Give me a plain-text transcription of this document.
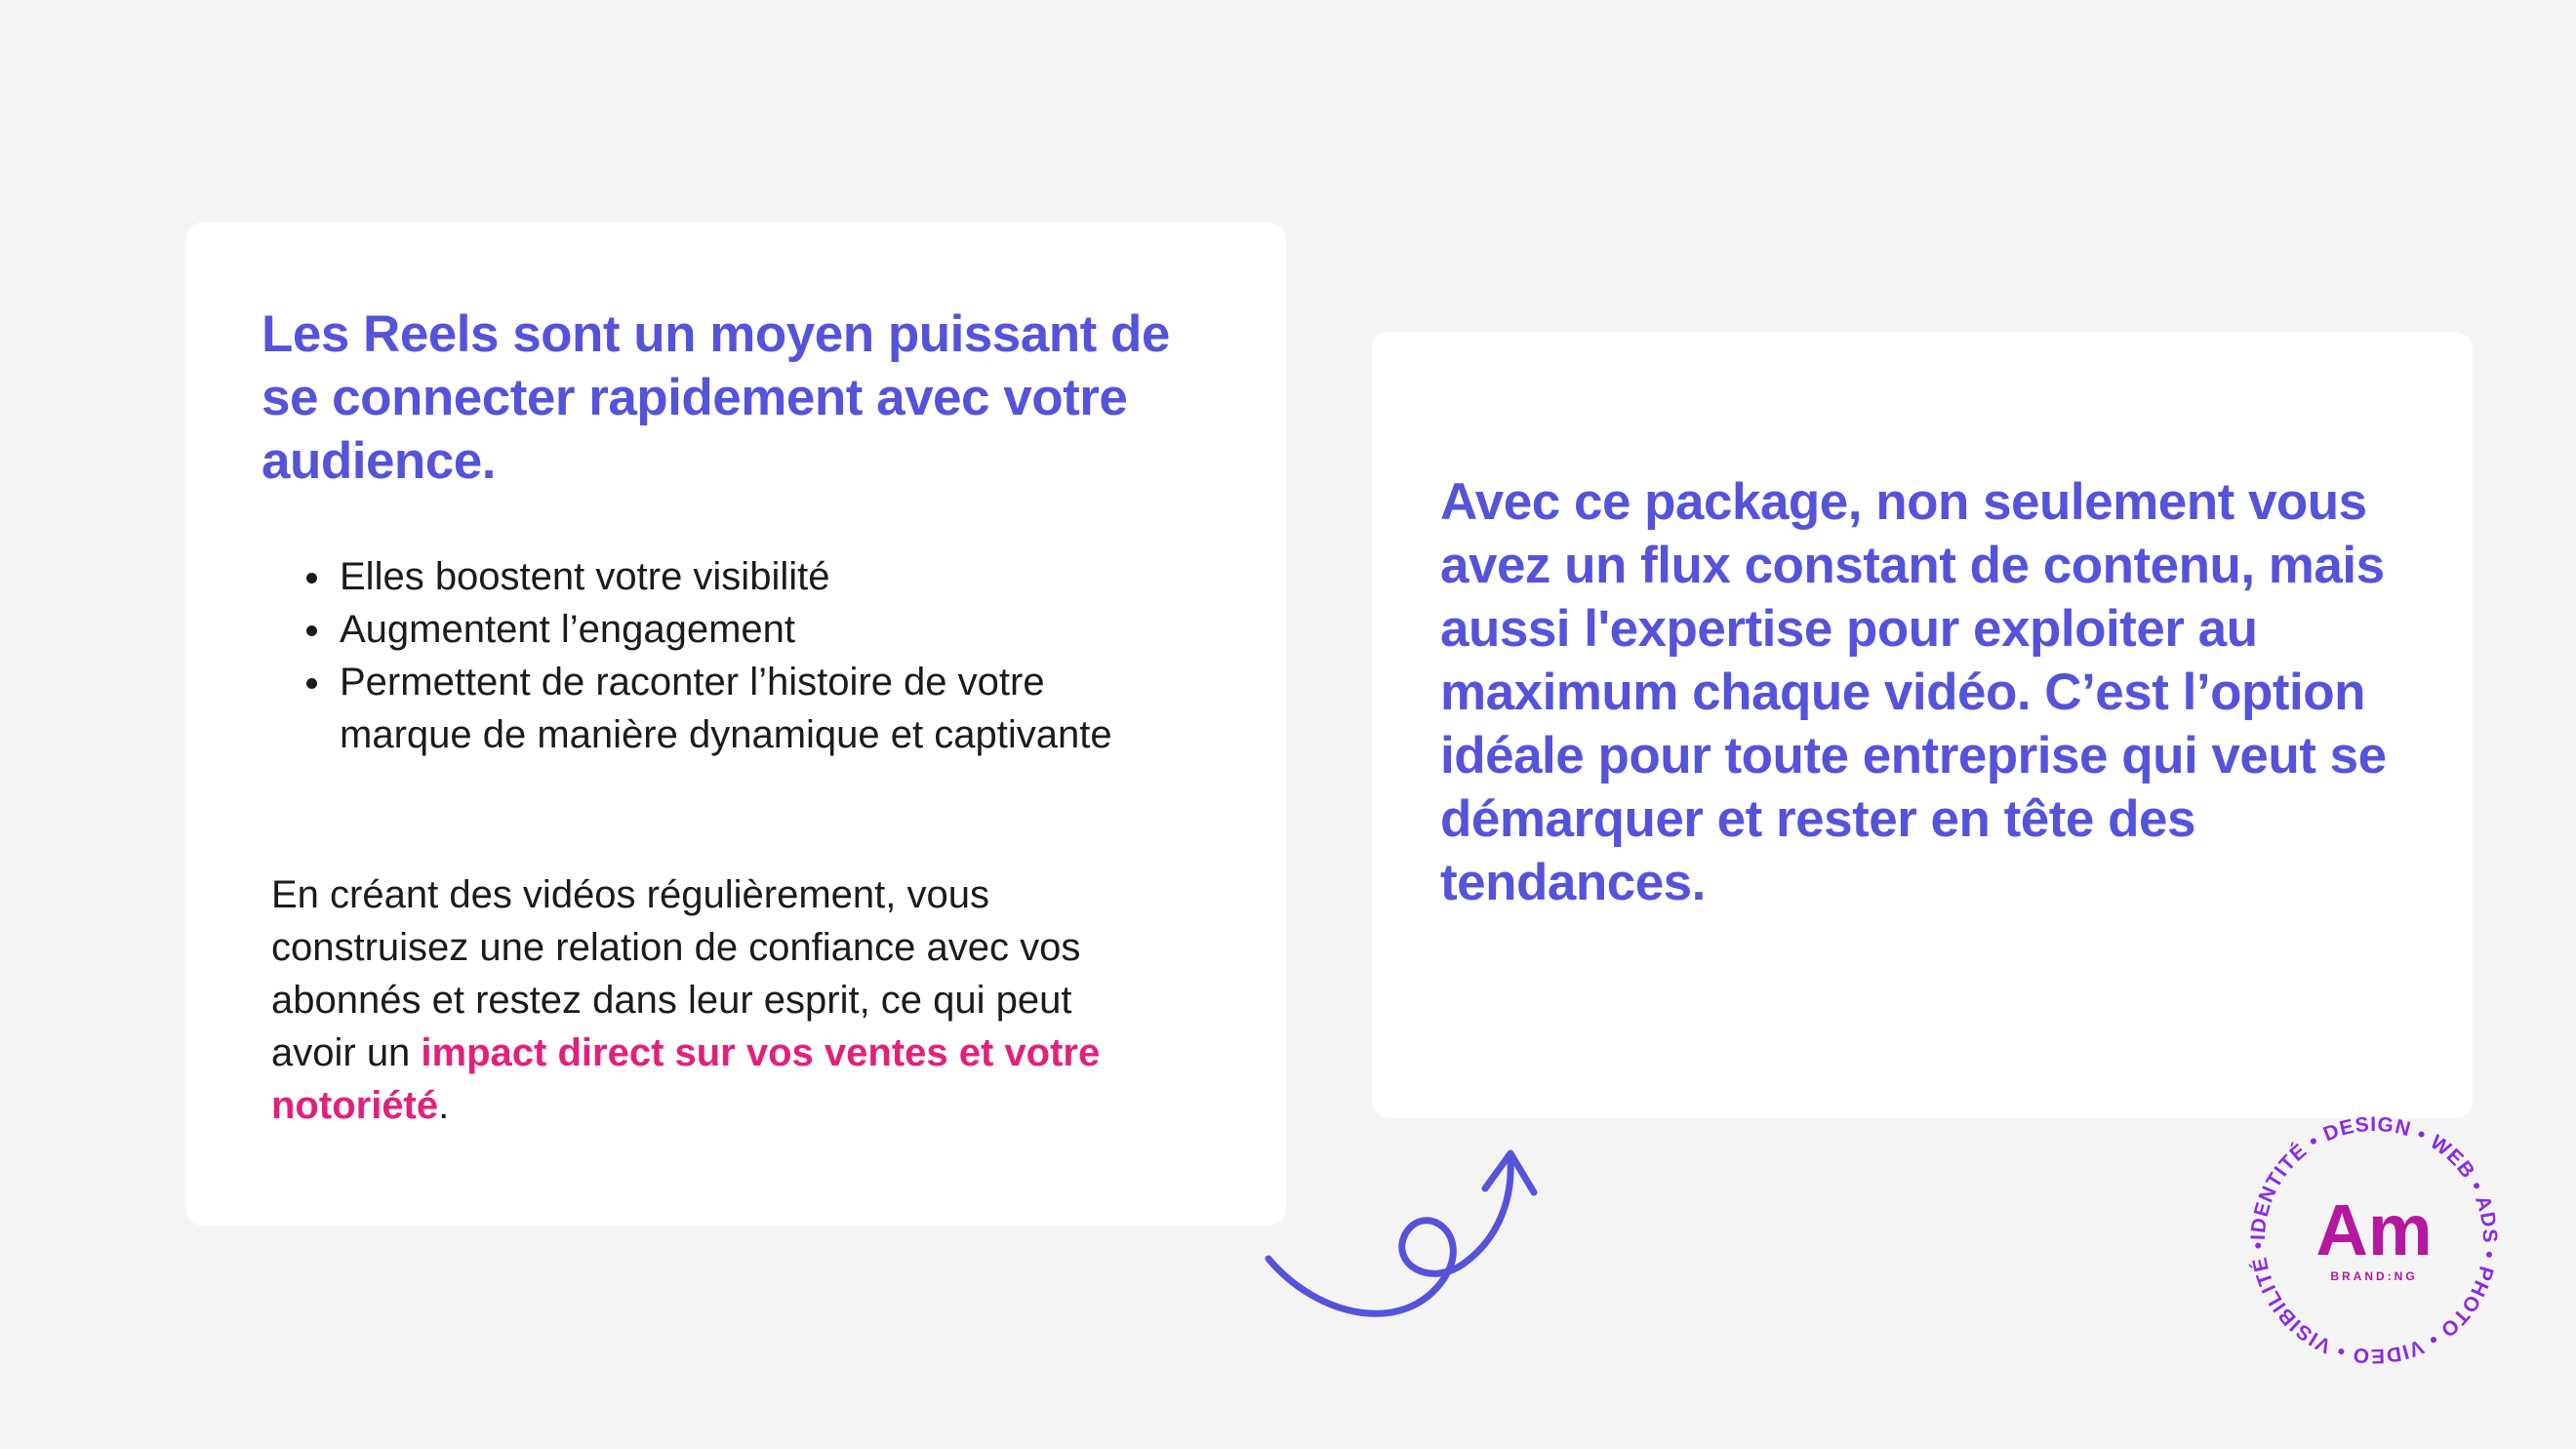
Les Reels sont un moyen puissant de se connecter rapidement avec votre audience.
Elles boostent votre visibilité
Augmentent l’engagement
Permettent de raconter l’histoire de votre marque de manière dynamique et captivante

En créant des vidéos régulièrement, vous construisez une relation de confiance avec vos abonnés et restez dans leur esprit, ce qui peut avoir un impact direct sur vos ventes et votre notoriété.

Avec ce package, non seulement vous avez un flux constant de contenu, mais aussi l'expertise pour exploiter au maximum chaque vidéo. C’est l’option idéale pour toute entreprise qui veut se démarquer et rester en tête des tendances.

IDENTITÉ • DESIGN • WEB • ADS • PHOTO • VIDEO • VISIBILITÉ • Am
BRAND:NG
